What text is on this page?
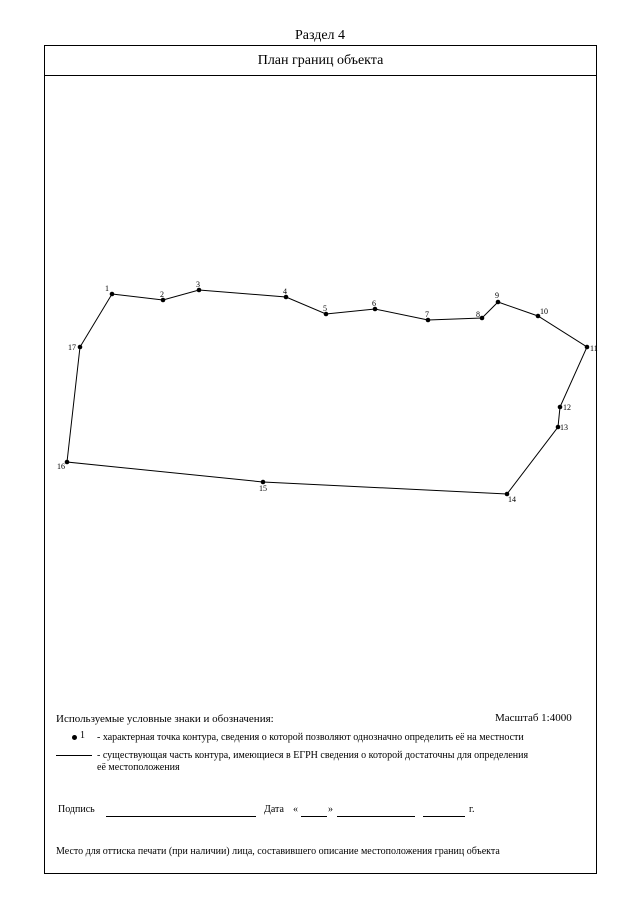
Раздел 4
План границ объекта
1
2
3
4
5
6
7	8
9
10
11
12
13
14
15
16
17
Используемые условные знаки и обозначения:	Масштаб 1:4000
1 - характерная точка контура, сведения о которой позволяют однозначно определить её на местности
- существующая часть контура, имеющиеся в ЕГРН сведения о которой достаточны для определения
её местоположения
Подпись	Дата «	»	г.
Место для оттиска печати (при наличии) лица, составившего описание местоположения границ объекта
